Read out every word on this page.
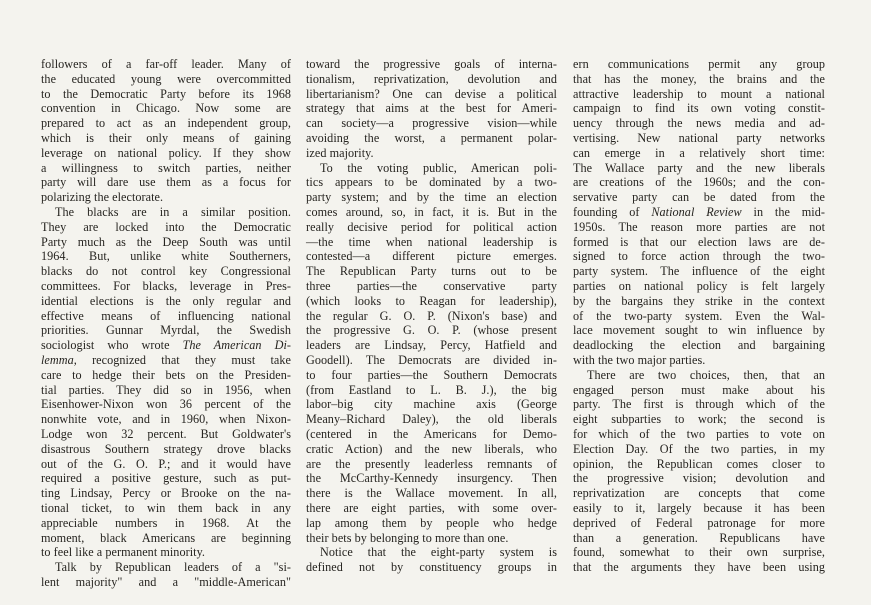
followers of a far-off leader. Many of
the educated young were overcommitted
to the Democratic Party before its 1968
convention in Chicago. Now some are
prepared to act as an independent group,
which is their only means of gaining
leverage on national policy. If they show
a willingness to switch parties, neither
party will dare use them as a focus for
polarizing the electorate.
The blacks are in a similar position.
They are locked into the Democratic
Party much as the Deep South was until
1964. But, unlike white Southerners,
blacks do not control key Congressional
committees. For blacks, leverage in Pres-
idential elections is the only regular and
effective means of influencing national
priorities. Gunnar Myrdal, the Swedish
sociologist who wrote The American Di-
lemma, recognized that they must take
care to hedge their bets on the Presiden-
tial parties. They did so in 1956, when
Eisenhower-Nixon won 36 percent of the
nonwhite vote, and in 1960, when Nixon-
Lodge won 32 percent. But Goldwater's
disastrous Southern strategy drove blacks
out of the G. O. P.; and it would have
required a positive gesture, such as put-
ting Lindsay, Percy or Brooke on the na-
tional ticket, to win them back in any
appreciable numbers in 1968. At the
moment, black Americans are beginning
to feel like a permanent minority.
Talk by Republican leaders of a "si-
lent majority" and a "middle-American"
toward the progressive goals of interna-
tionalism, reprivatization, devolution and
libertarianism? One can devise a political
strategy that aims at the best for Ameri-
can society—a progressive vision—while
avoiding the worst, a permanent polar-
ized majority.
To the voting public, American poli-
tics appears to be dominated by a two-
party system; and by the time an election
comes around, so, in fact, it is. But in the
really decisive period for political action
—the time when national leadership is
contested—a different picture emerges.
The Republican Party turns out to be
three parties—the conservative party
(which looks to Reagan for leadership),
the regular G. O. P. (Nixon's base) and
the progressive G. O. P. (whose present
leaders are Lindsay, Percy, Hatfield and
Goodell). The Democrats are divided in-
to four parties—the Southern Democrats
(from Eastland to L. B. J.), the big
labor–big city machine axis (George
Meany–Richard Daley), the old liberals
(centered in the Americans for Demo-
cratic Action) and the new liberals, who
are the presently leaderless remnants of
the McCarthy-Kennedy insurgency. Then
there is the Wallace movement. In all,
there are eight parties, with some over-
lap among them by people who hedge
their bets by belonging to more than one.
Notice that the eight-party system is
defined not by constituency groups in
ern communications permit any group
that has the money, the brains and the
attractive leadership to mount a national
campaign to find its own voting constit-
uency through the news media and ad-
vertising. New national party networks
can emerge in a relatively short time:
The Wallace party and the new liberals
are creations of the 1960s; and the con-
servative party can be dated from the
founding of National Review in the mid-
1950s. The reason more parties are not
formed is that our election laws are de-
signed to force action through the two-
party system. The influence of the eight
parties on national policy is felt largely
by the bargains they strike in the context
of the two-party system. Even the Wal-
lace movement sought to win influence by
deadlocking the election and bargaining
with the two major parties.
There are two choices, then, that an
engaged person must make about his
party. The first is through which of the
eight subparties to work; the second is
for which of the two parties to vote on
Election Day. Of the two parties, in my
opinion, the Republican comes closer to
the progressive vision; devolution and
reprivatization are concepts that come
easily to it, largely because it has been
deprived of Federal patronage for more
than a generation. Republicans have
found, somewhat to their own surprise,
that the arguments they have been using
